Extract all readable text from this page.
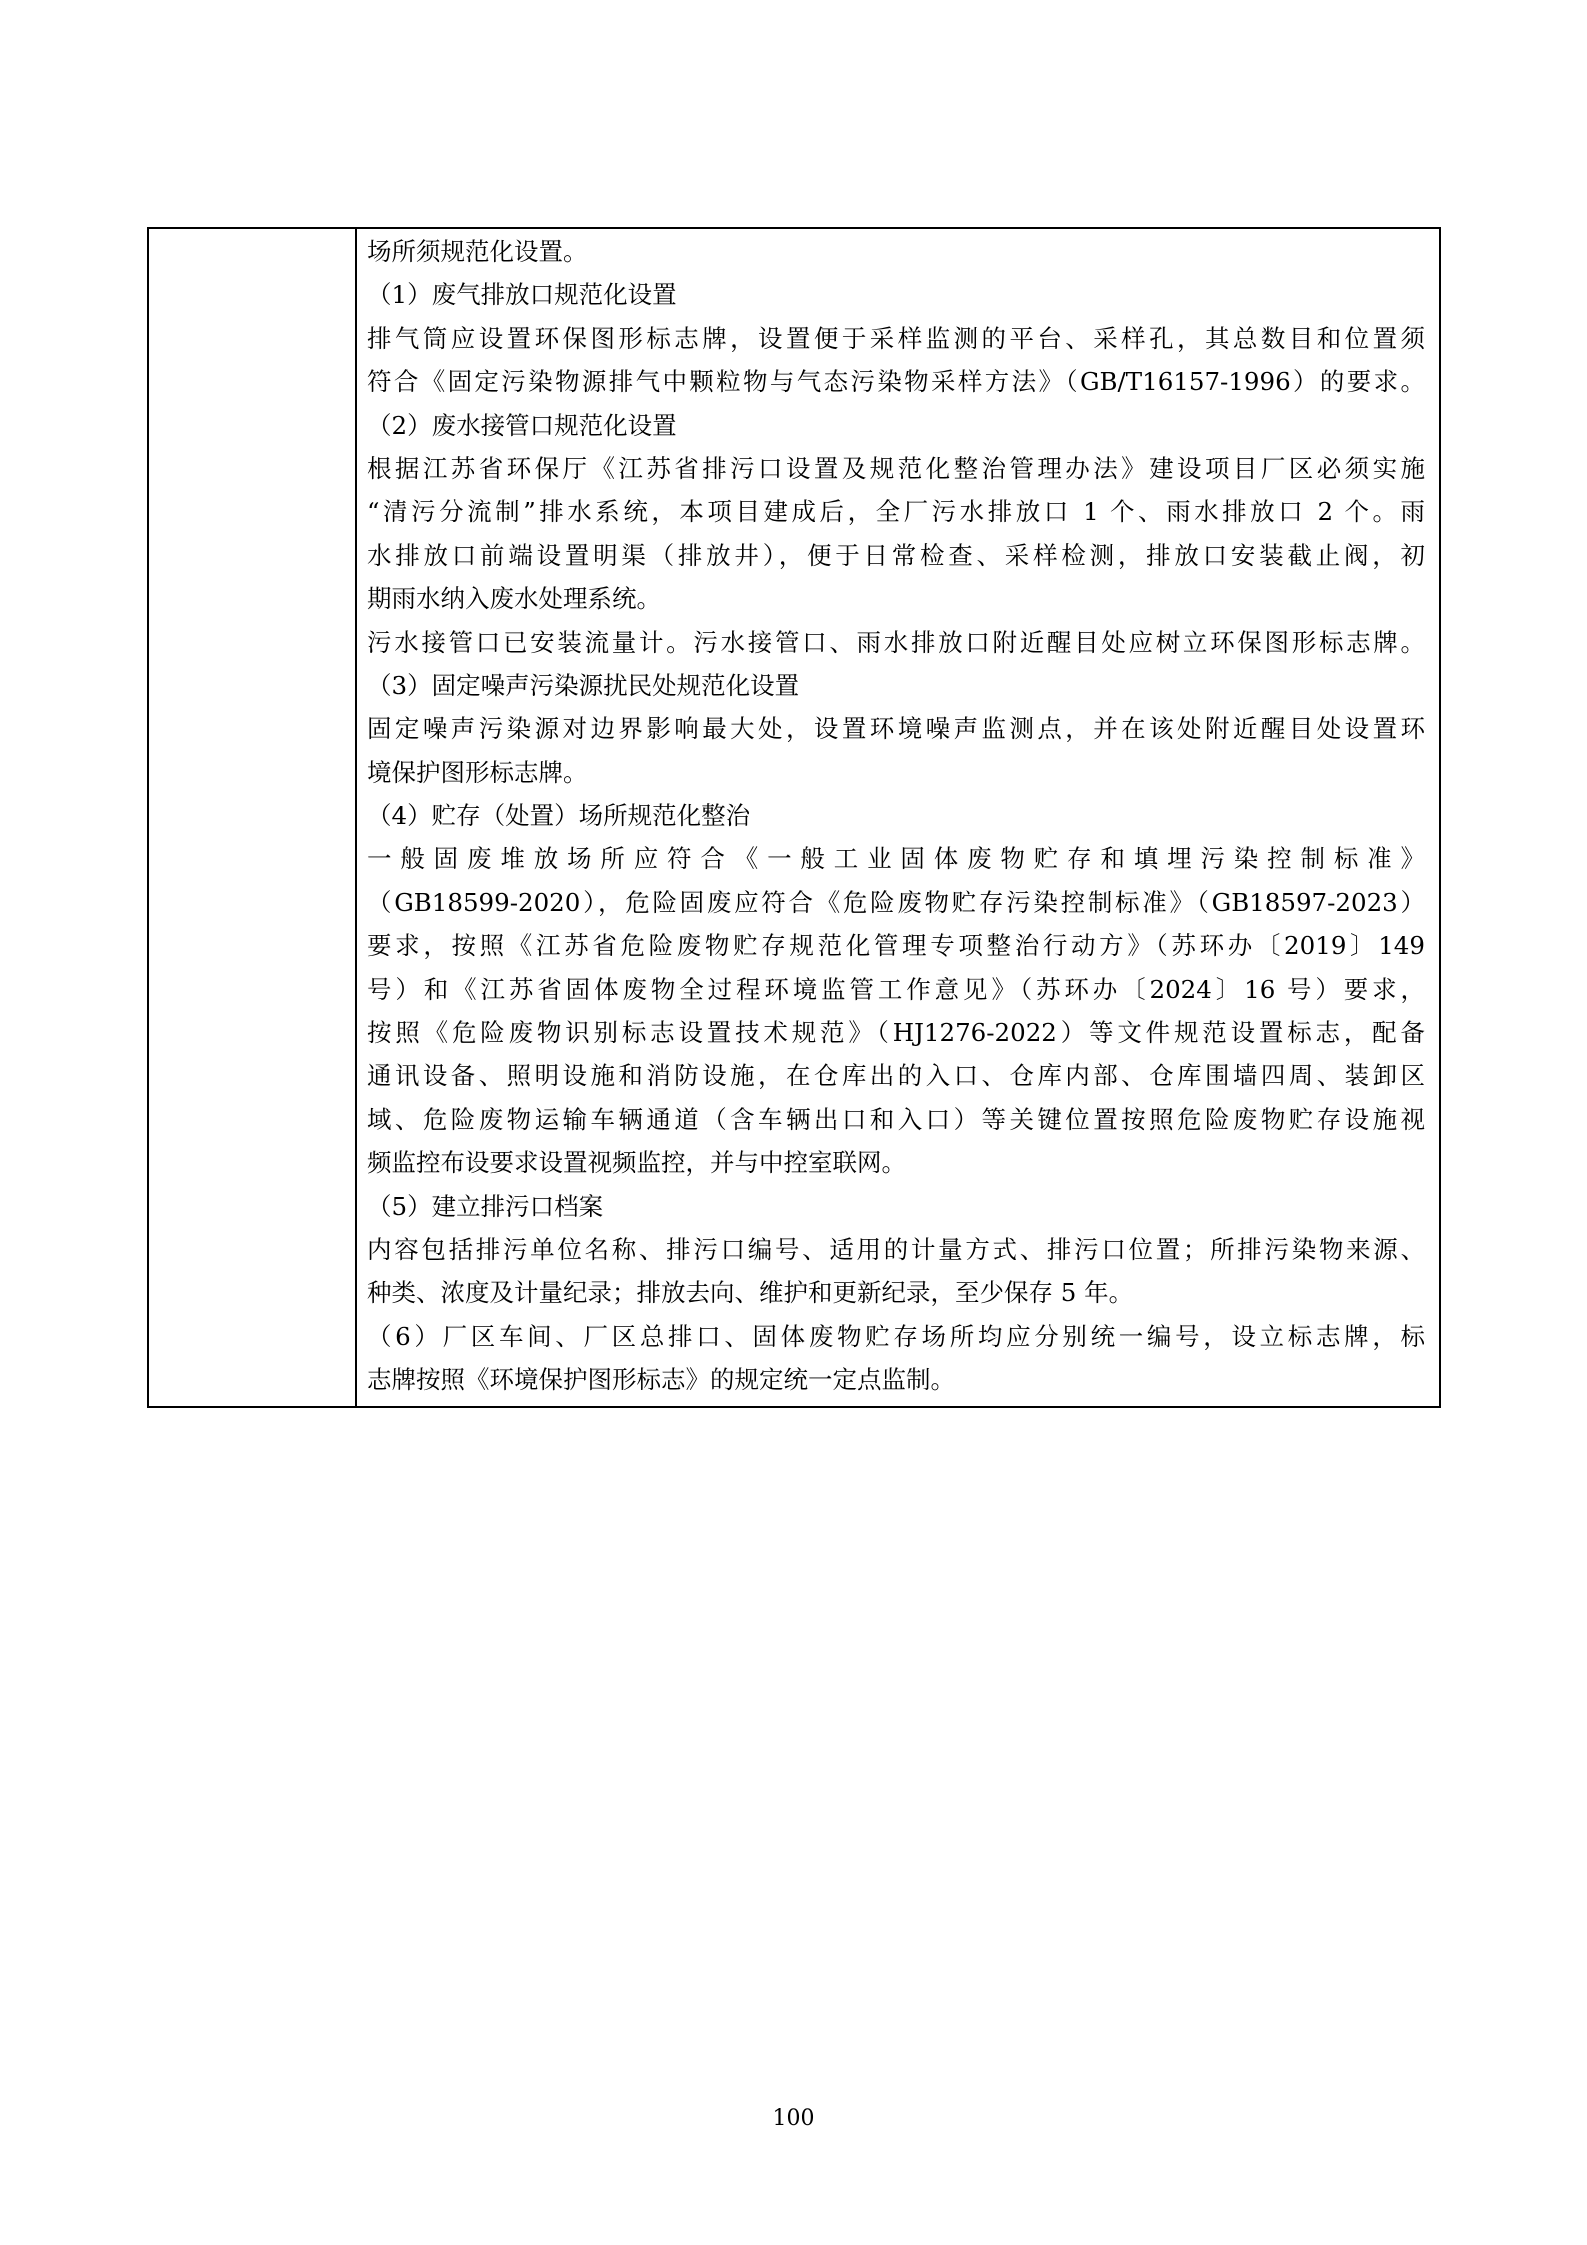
场所须规范化设置。
（1）废气排放口规范化设置
排气筒应设置环保图形标志牌，设置便于采样监测的平台、采样孔，其总数目和位置须
符合《固定污染物源排气中颗粒物与气态污染物采样方法》（GB/T16157-1996）的要求。
（2）废水接管口规范化设置
根据江苏省环保厅《江苏省排污口设置及规范化整治管理办法》建设项目厂区必须实施
“清污分流制”排水系统，本项目建成后，全厂污水排放口 1 个、雨水排放口 2 个。雨
水排放口前端设置明渠（排放井），便于日常检查、采样检测，排放口安装截止阀，初
期雨水纳入废水处理系统。
污水接管口已安装流量计。污水接管口、雨水排放口附近醒目处应树立环保图形标志牌。
（3）固定噪声污染源扰民处规范化设置
固定噪声污染源对边界影响最大处，设置环境噪声监测点，并在该处附近醒目处设置环
境保护图形标志牌。
（4）贮存（处置）场所规范化整治
一般固废堆放场所应符合《一般工业固体废物贮存和填埋污染控制标准》
（GB18599-2020），危险固废应符合《危险废物贮存污染控制标准》（GB18597-2023）
要求，按照《江苏省危险废物贮存规范化管理专项整治行动方》（苏环办〔2019〕149
号）和《江苏省固体废物全过程环境监管工作意见》（苏环办〔2024〕16 号）要求，
按照《危险废物识别标志设置技术规范》（HJ1276-2022）等文件规范设置标志，配备
通讯设备、照明设施和消防设施，在仓库出的入口、仓库内部、仓库围墙四周、装卸区
域、危险废物运输车辆通道（含车辆出口和入口）等关键位置按照危险废物贮存设施视
频监控布设要求设置视频监控，并与中控室联网。
（5）建立排污口档案
内容包括排污单位名称、排污口编号、适用的计量方式、排污口位置；所排污染物来源、
种类、浓度及计量纪录；排放去向、维护和更新纪录，至少保存 5 年。
（6）厂区车间、厂区总排口、固体废物贮存场所均应分别统一编号，设立标志牌，标
志牌按照《环境保护图形标志》的规定统一定点监制。
100
